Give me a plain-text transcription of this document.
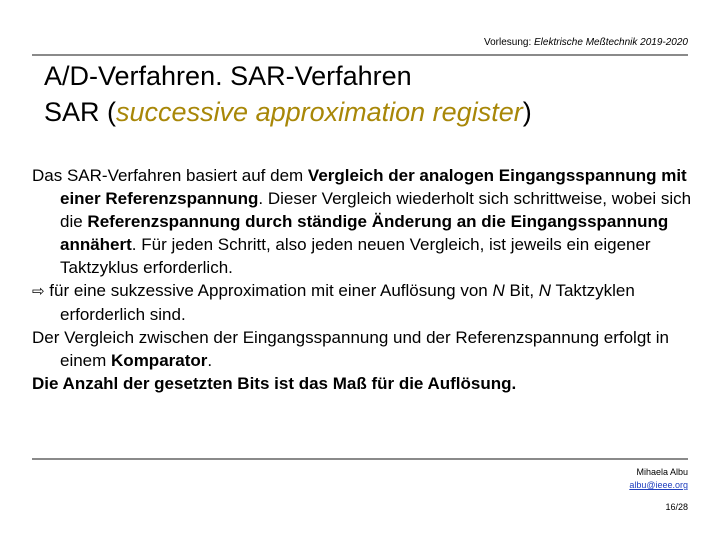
Vorlesung: Elektrische Meßtechnik 2019-2020
A/D-Verfahren. SAR-Verfahren
SAR (successive approximation register)

Das SAR-Verfahren basiert auf dem Vergleich der analogen Eingangsspannung mit einer Referenzspannung. Dieser Vergleich wiederholt sich schrittweise, wobei sich die Referenzspannung durch ständige Änderung an die Eingangsspannung annähert. Für jeden Schritt, also jeden neuen Vergleich, ist jeweils ein eigener Taktzyklus erforderlich.

⇨ für eine sukzessive Approximation mit einer Auflösung von N Bit, N Taktzyklen erforderlich sind.

Der Vergleich zwischen der Eingangsspannung und der Referenzspannung erfolgt in einem Komparator.

Die Anzahl der gesetzten Bits ist das Maß für die Auflösung.

Mihaela Albu
albu@ieee.org
16/28
